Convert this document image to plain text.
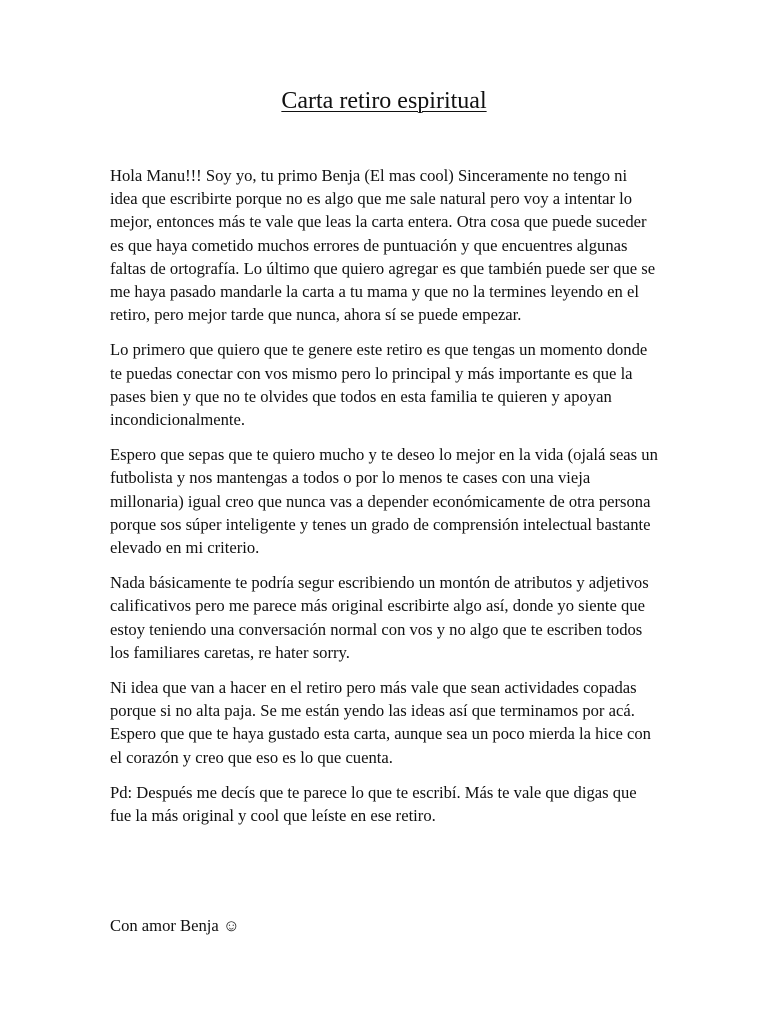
Carta retiro espiritual

Hola Manu!!! Soy yo, tu primo Benja (El mas cool) Sinceramente no tengo ni idea que escribirte porque no es algo que me sale natural pero voy a intentar lo mejor, entonces más te vale que leas la carta entera. Otra cosa que puede suceder es que haya cometido muchos errores de puntuación y que encuentres algunas faltas de ortografía. Lo último que quiero agregar es que también puede ser que se me haya pasado mandarle la carta a tu mama y que no la termines leyendo en el retiro, pero mejor tarde que nunca, ahora sí se puede empezar.

Lo primero que quiero que te genere este retiro es que tengas un momento donde te puedas conectar con vos mismo pero lo principal y más importante es que la pases bien y que no te olvides que todos en esta familia te quieren y apoyan incondicionalmente.

Espero que sepas que te quiero mucho y te deseo lo mejor en la vida (ojalá seas un futbolista y nos mantengas a todos o por lo menos te cases con una vieja millonaria) igual creo que nunca vas a depender económicamente de otra persona porque sos súper inteligente y tenes un grado de comprensión intelectual bastante elevado en mi criterio.

Nada básicamente te podría segur escribiendo un montón de atributos y adjetivos calificativos pero me parece más original escribirte algo así, donde yo siente que estoy teniendo una conversación normal con vos y no algo que te escriben todos los familiares caretas, re hater sorry.

Ni idea que van a hacer en el retiro pero más vale que sean actividades copadas porque si no alta paja. Se me están yendo las ideas así que terminamos por acá. Espero que que te haya gustado esta carta, aunque sea un poco mierda la hice con el corazón y creo que eso es lo que cuenta.

Pd: Después me decís que te parece lo que te escribí. Más te vale que digas que fue la más original y cool que leíste en ese retiro.

Con amor Benja ☺
